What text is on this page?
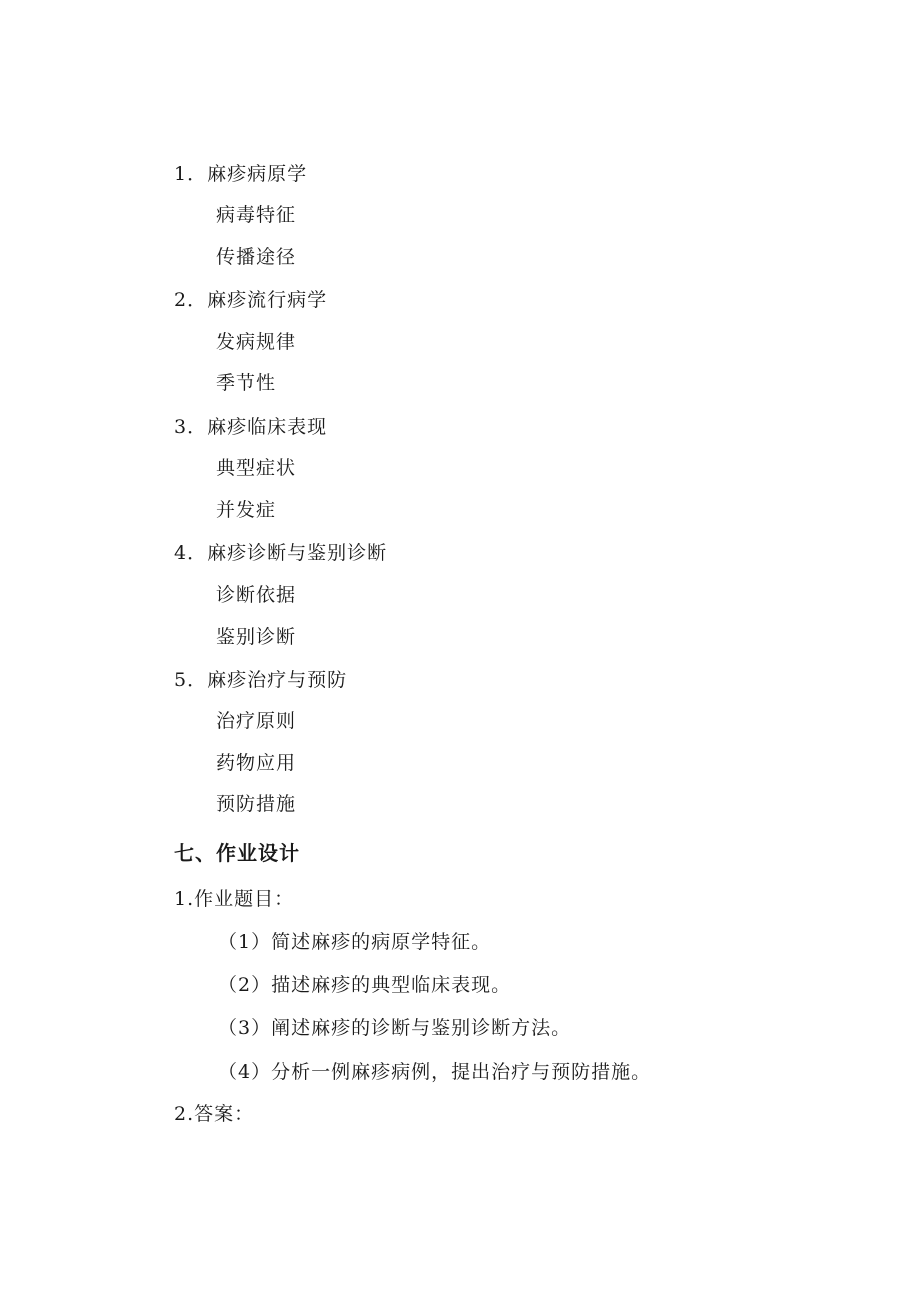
1．麻疹病原学
病毒特征
传播途径
2．麻疹流行病学
发病规律
季节性
3．麻疹临床表现
典型症状
并发症
4．麻疹诊断与鉴别诊断
诊断依据
鉴别诊断
5．麻疹治疗与预防
治疗原则
药物应用
预防措施
七、作业设计
1.作业题目：
（1）简述麻疹的病原学特征。
（2）描述麻疹的典型临床表现。
（3）阐述麻疹的诊断与鉴别诊断方法。
（4）分析一例麻疹病例，提出治疗与预防措施。
2.答案：
